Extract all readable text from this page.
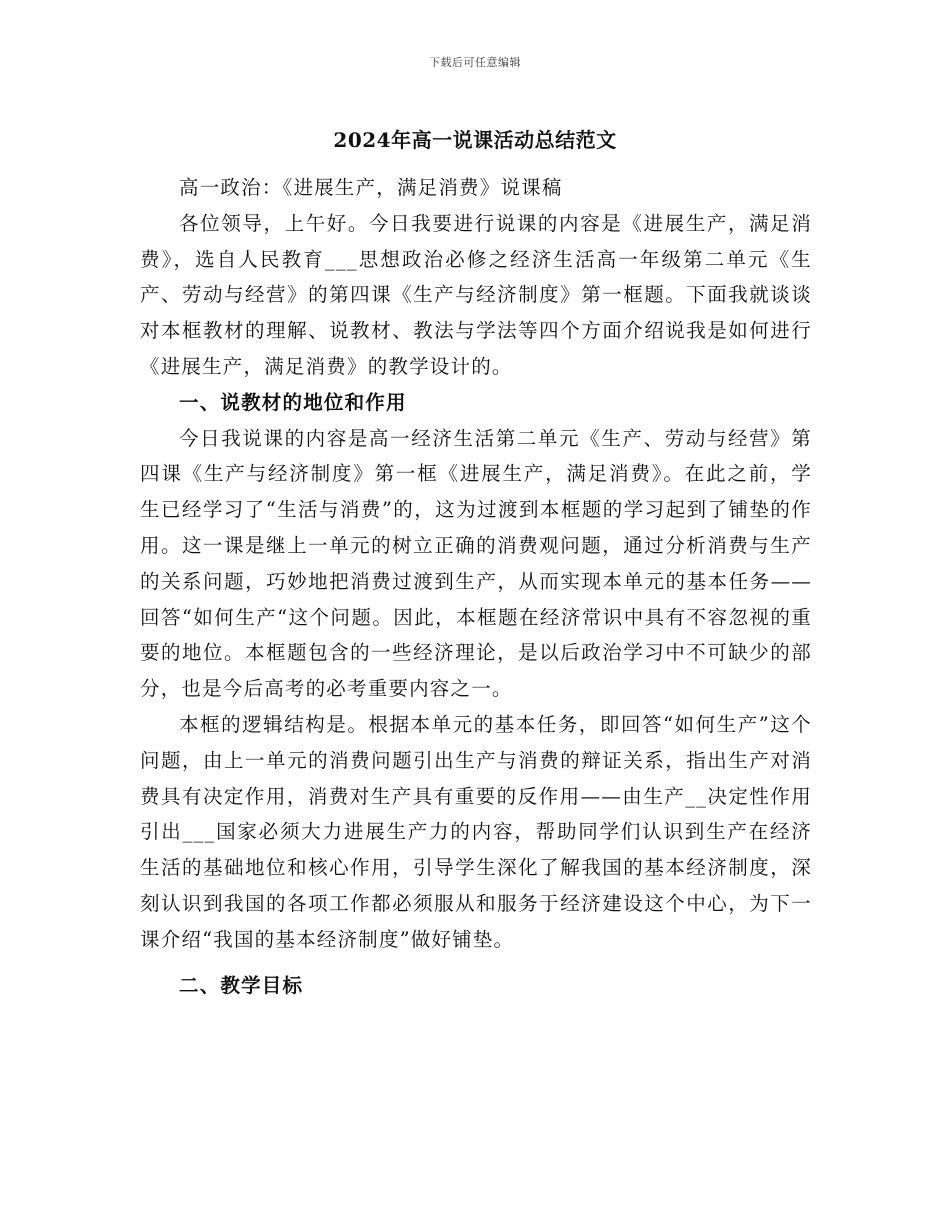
下载后可任意编辑
2024年高一说课活动总结范文

高一政治：《进展生产，满足消费》说课稿

各位领导，上午好。今日我要进行说课的内容是《进展生产，满足消费》，选自人民教育___思想政治必修之经济生活高一年级第二单元《生产、劳动与经营》的第四课《生产与经济制度》第一框题。下面我就谈谈对本框教材的理解、说教材、教法与学法等四个方面介绍说我是如何进行《进展生产，满足消费》的教学设计的。

一、说教材的地位和作用

今日我说课的内容是高一经济生活第二单元《生产、劳动与经营》第四课《生产与经济制度》第一框《进展生产，满足消费》。在此之前，学生已经学习了“生活与消费”的，这为过渡到本框题的学习起到了铺垫的作用。这一课是继上一单元的树立正确的消费观问题，通过分析消费与生产的关系问题，巧妙地把消费过渡到生产，从而实现本单元的基本任务——回答“如何生产“这个问题。因此，本框题在经济常识中具有不容忽视的重要的地位。本框题包含的一些经济理论，是以后政治学习中不可缺少的部分，也是今后高考的必考重要内容之一。

本框的逻辑结构是。根据本单元的基本任务，即回答“如何生产”这个问题，由上一单元的消费问题引出生产与消费的辩证关系，指出生产对消费具有决定作用，消费对生产具有重要的反作用——由生产__决定性作用引出___国家必须大力进展生产力的内容，帮助同学们认识到生产在经济生活的基础地位和核心作用，引导学生深化了解我国的基本经济制度，深刻认识到我国的各项工作都必须服从和服务于经济建设这个中心，为下一课介绍“我国的基本经济制度”做好铺垫。

二、教学目标
